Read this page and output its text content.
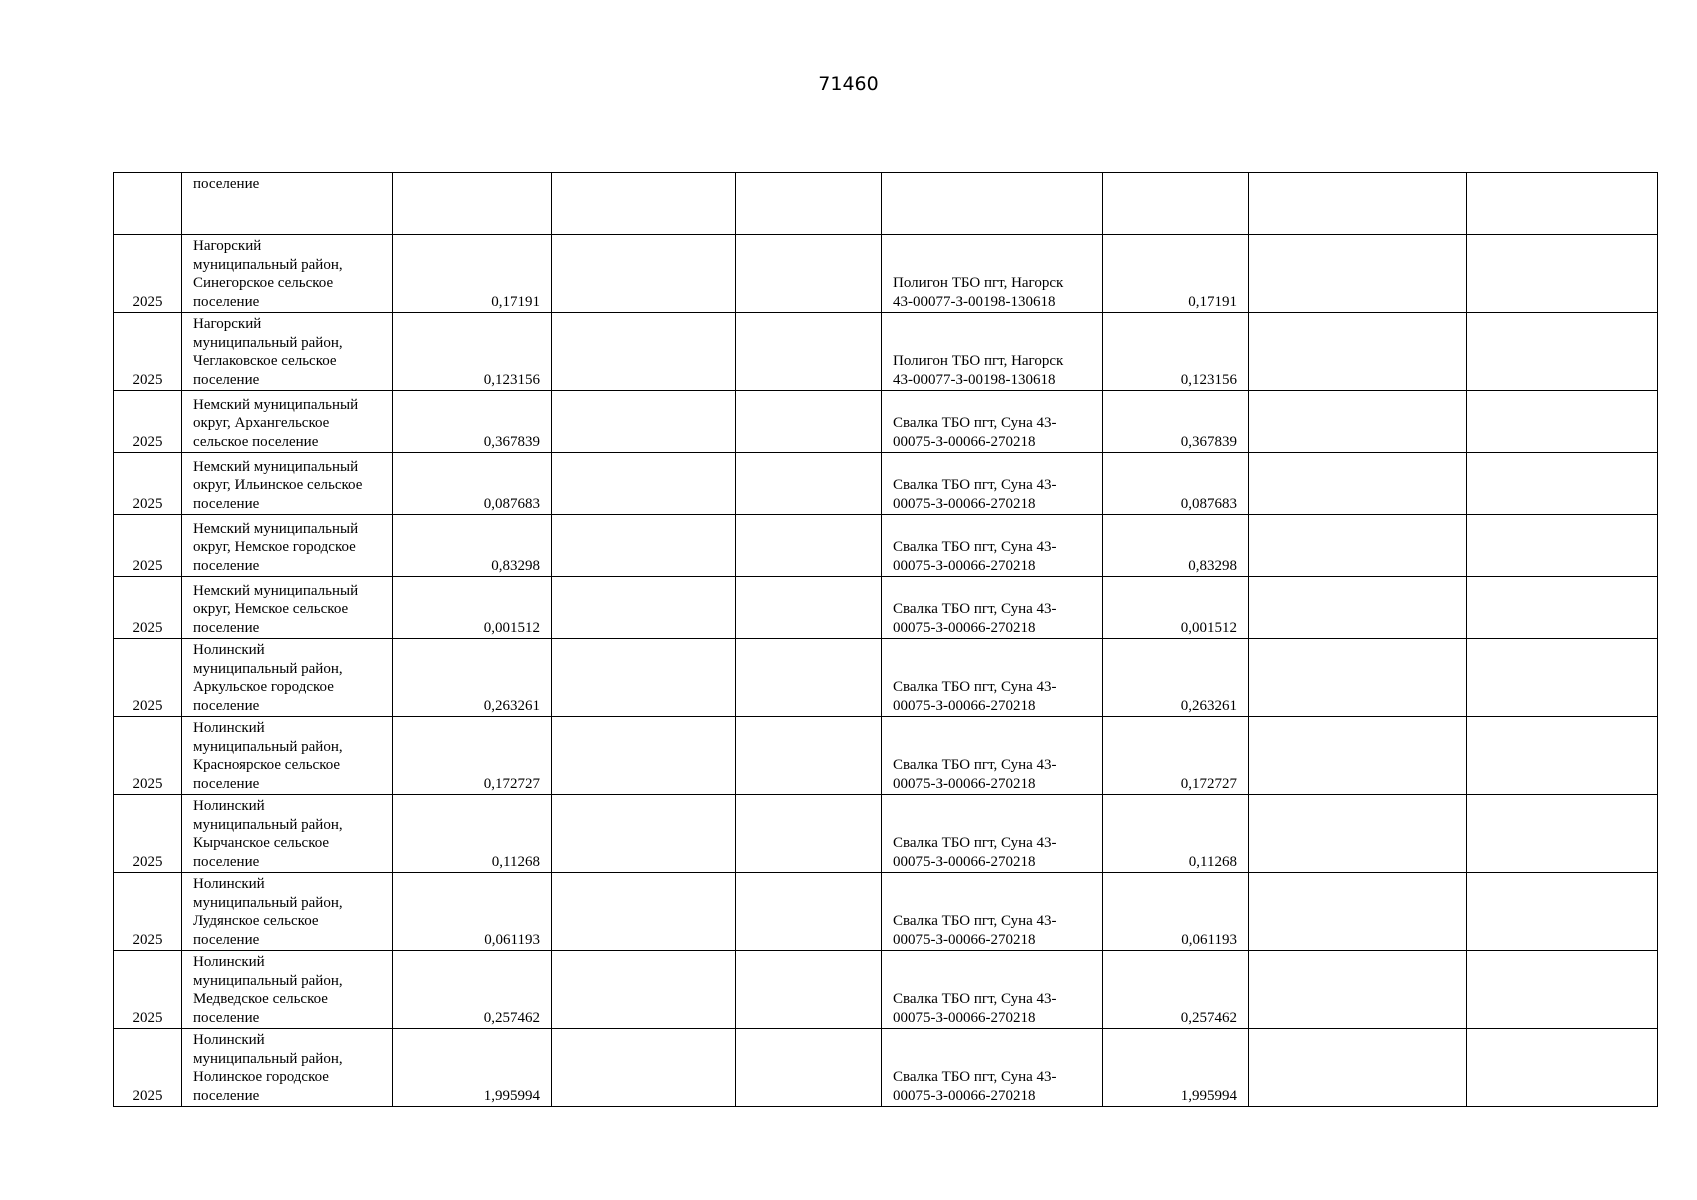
71460
	поселение							
2025	Нагорский
муниципальный район,
Синегорское сельское
поселение	0,17191			Полигон ТБО пгт, Нагорск
43-00077-З-00198-130618	0,17191		
2025	Нагорский
муниципальный район,
Чеглаковское сельское
поселение	0,123156			Полигон ТБО пгт, Нагорск
43-00077-З-00198-130618	0,123156		
2025	Немский муниципальный
округ, Архангельское
сельское поселение	0,367839			Свалка ТБО пгт, Суна 43-
00075-З-00066-270218	0,367839		
2025	Немский муниципальный
округ, Ильинское сельское
поселение	0,087683			Свалка ТБО пгт, Суна 43-
00075-З-00066-270218	0,087683		
2025	Немский муниципальный
округ, Немское городское
поселение	0,83298			Свалка ТБО пгт, Суна 43-
00075-З-00066-270218	0,83298		
2025	Немский муниципальный
округ, Немское сельское
поселение	0,001512			Свалка ТБО пгт, Суна 43-
00075-З-00066-270218	0,001512		
2025	Нолинский
муниципальный район,
Аркульское городское
поселение	0,263261			Свалка ТБО пгт, Суна 43-
00075-З-00066-270218	0,263261		
2025	Нолинский
муниципальный район,
Красноярское сельское
поселение	0,172727			Свалка ТБО пгт, Суна 43-
00075-З-00066-270218	0,172727		
2025	Нолинский
муниципальный район,
Кырчанское сельское
поселение	0,11268			Свалка ТБО пгт, Суна 43-
00075-З-00066-270218	0,11268		
2025	Нолинский
муниципальный район,
Лудянское сельское
поселение	0,061193			Свалка ТБО пгт, Суна 43-
00075-З-00066-270218	0,061193		
2025	Нолинский
муниципальный район,
Медведское сельское
поселение	0,257462			Свалка ТБО пгт, Суна 43-
00075-З-00066-270218	0,257462		
2025	Нолинский
муниципальный район,
Нолинское городское
поселение	1,995994			Свалка ТБО пгт, Суна 43-
00075-З-00066-270218	1,995994		
